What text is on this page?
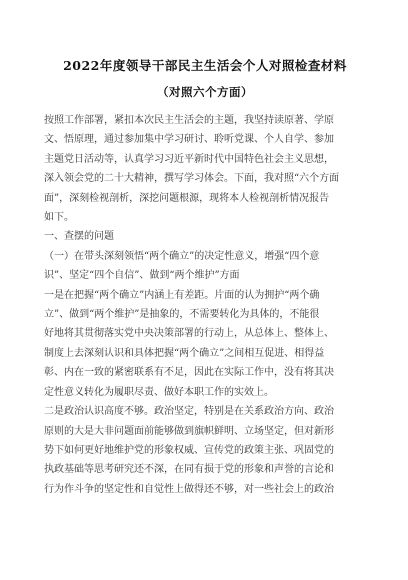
2022年度领导干部民主生活会个人对照检查材料
（对照六个方面）
按照工作部署，紧扣本次民主生活会的主题，我坚持读原著、学原
文、悟原理，通过参加集中学习研讨、聆听党课、个人自学、参加
主题党日活动等，认真学习习近平新时代中国特色社会主义思想，
深入领会党的二十大精神，撰写学习体会。下面，我对照“六个方面
面”，深刻检视剖析，深挖问题根源，现将本人检视剖析情况报告
如下。
一、查摆的问题
（一）在带头深刻领悟“两个确立”的决定性意义，增强“四个意
识”、坚定“四个自信”、做到“两个维护”方面
一是在把握“两个确立”内涵上有差距。片面的认为拥护“两个确
立”、做到“两个维护”是抽象的，不需要转化为具体的，不能很
好地将其贯彻落实党中央决策部署的行动上，从总体上、整体上、
制度上去深刻认识和具体把握“两个确立”之间相互促进、相得益
彰、内在一致的紧密联系有不足，因此在实际工作中，没有将其决
定性意义转化为履职尽责、做好本职工作的实效上。
二是政治认识高度不够。政治坚定，特别是在关系政治方向、政治
原则的大是大非问题面前能够做到旗帜鲜明、立场坚定，但对新形
势下如何更好地维护党的形象权威、宣传党的政策主张、巩固党的
执政基础等思考研究还不深，在同有损于党的形象和声誉的言论和
行为作斗争的坚定性和自觉性上做得还不够，对一些社会上的政治
